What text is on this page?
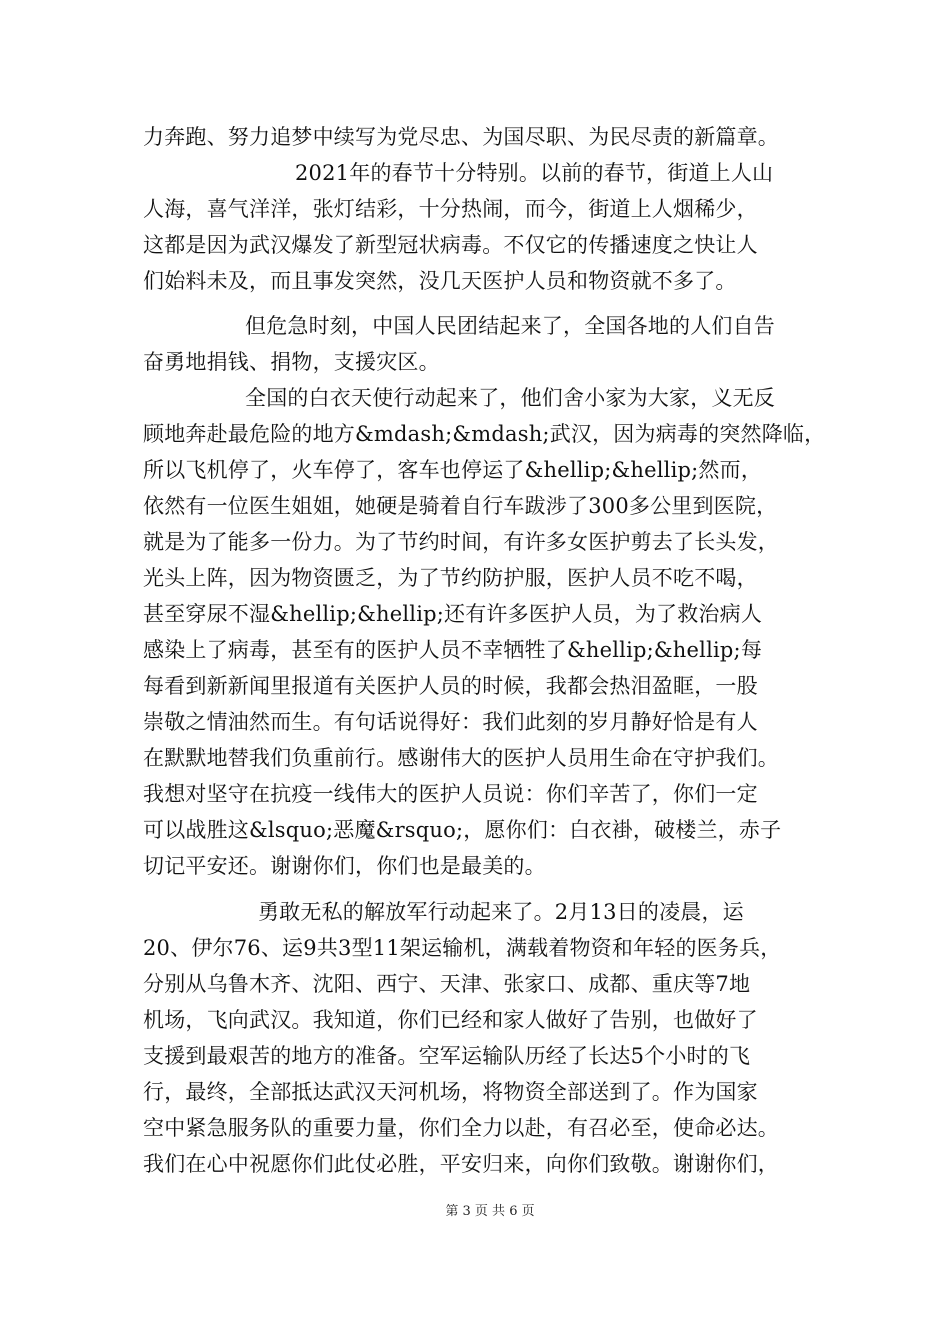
力奔跑、努力追梦中续写为党尽忠、为国尽职、为民尽责的新篇章。
2021年的春节十分特别。以前的春节，街道上人山
人海，喜气洋洋，张灯结彩，十分热闹，而今，街道上人烟稀少，
这都是因为武汉爆发了新型冠状病毒。不仅它的传播速度之快让人
们始料未及，而且事发突然，没几天医护人员和物资就不多了。
但危急时刻，中国人民团结起来了，全国各地的人们自告
奋勇地捐钱、捐物，支援灾区。
全国的白衣天使行动起来了，他们舍小家为大家，义无反
顾地奔赴最危险的地方&mdash;&mdash;武汉，因为病毒的突然降临，
所以飞机停了，火车停了，客车也停运了&hellip;&hellip;然而，
依然有一位医生姐姐，她硬是骑着自行车跋涉了300多公里到医院，
就是为了能多一份力。为了节约时间，有许多女医护剪去了长头发，
光头上阵，因为物资匮乏，为了节约防护服，医护人员不吃不喝，
甚至穿尿不湿&hellip;&hellip;还有许多医护人员，为了救治病人
感染上了病毒，甚至有的医护人员不幸牺牲了&hellip;&hellip;每
每看到新新闻里报道有关医护人员的时候，我都会热泪盈眶，一股
崇敬之情油然而生。有句话说得好：我们此刻的岁月静好恰是有人
在默默地替我们负重前行。感谢伟大的医护人员用生命在守护我们。
我想对坚守在抗疫一线伟大的医护人员说：你们辛苦了，你们一定
可以战胜这&lsquo;恶魔&rsquo;，愿你们：白衣褂，破楼兰，赤子
切记平安还。谢谢你们，你们也是最美的。
勇敢无私的解放军行动起来了。2月13日的凌晨，运
20、伊尔76、运9共3型11架运输机，满载着物资和年轻的医务兵，
分别从乌鲁木齐、沈阳、西宁、天津、张家口、成都、重庆等7地
机场，飞向武汉。我知道，你们已经和家人做好了告别，也做好了
支援到最艰苦的地方的准备。空军运输队历经了长达5个小时的飞
行，最终，全部抵达武汉天河机场，将物资全部送到了。作为国家
空中紧急服务队的重要力量，你们全力以赴，有召必至，使命必达。
我们在心中祝愿你们此仗必胜，平安归来，向你们致敬。谢谢你们，
第 3 页 共 6 页
